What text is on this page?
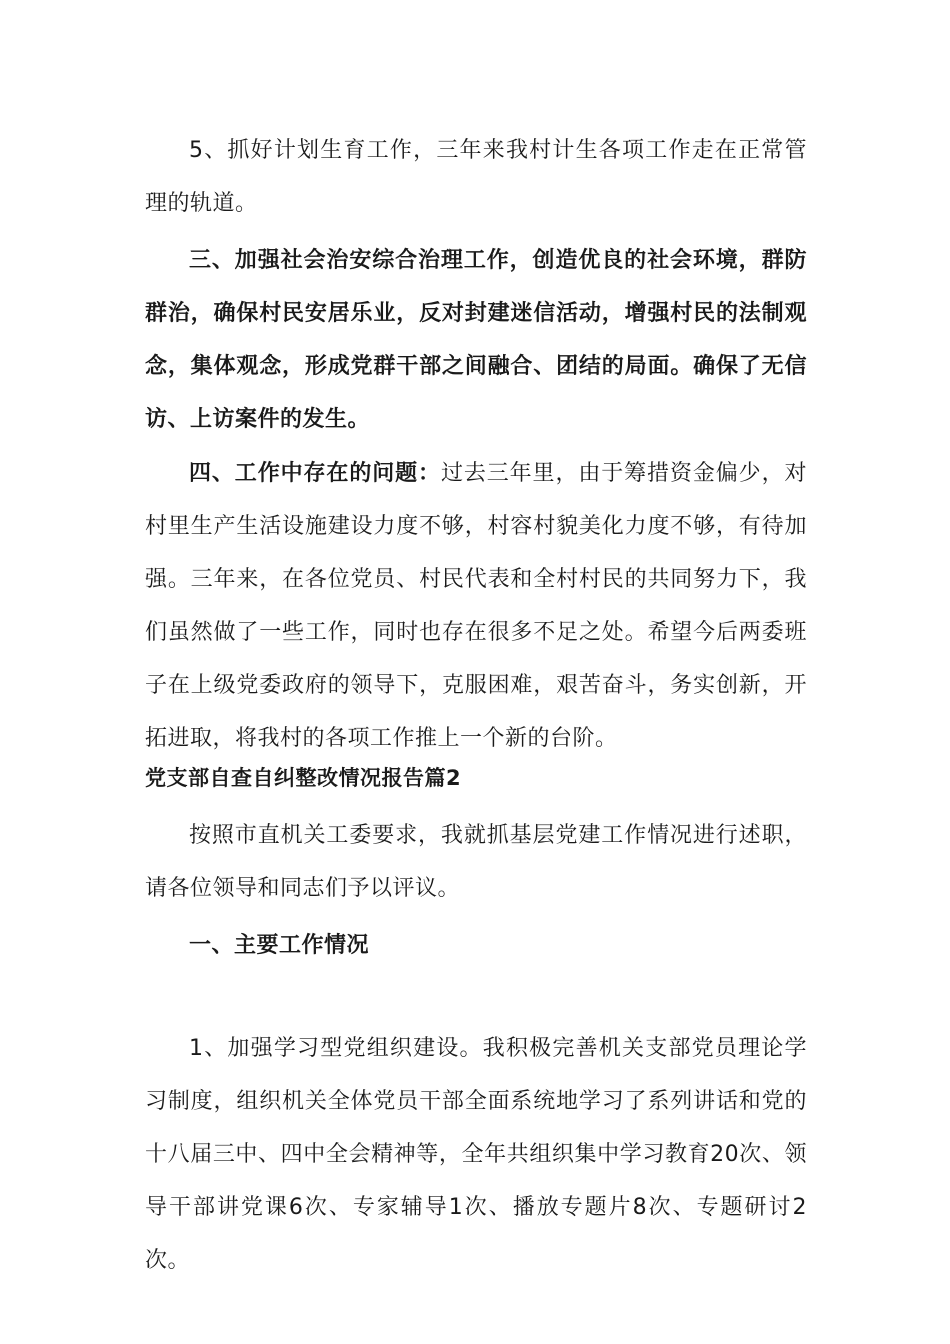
5、抓好计划生育工作，三年来我村计生各项工作走在正常管理的轨道。

三、加强社会治安综合治理工作，创造优良的社会环境，群防群治，确保村民安居乐业，反对封建迷信活动，增强村民的法制观念，集体观念，形成党群干部之间融合、团结的局面。确保了无信访、上访案件的发生。

四、工作中存在的问题：过去三年里，由于筹措资金偏少，对村里生产生活设施建设力度不够，村容村貌美化力度不够，有待加强。三年来，在各位党员、村民代表和全村村民的共同努力下，我们虽然做了一些工作，同时也存在很多不足之处。希望今后两委班子在上级党委政府的领导下，克服困难，艰苦奋斗，务实创新，开拓进取，将我村的各项工作推上一个新的台阶。

党支部自查自纠整改情况报告篇2

按照市直机关工委要求，我就抓基层党建工作情况进行述职，请各位领导和同志们予以评议。

一、主要工作情况

1、加强学习型党组织建设。我积极完善机关支部党员理论学习制度，组织机关全体党员干部全面系统地学习了系列讲话和党的十八届三中、四中全会精神等，全年共组织集中学习教育20次、领导干部讲党课6次、专家辅导1次、播放专题片8次、专题研讨2次。
